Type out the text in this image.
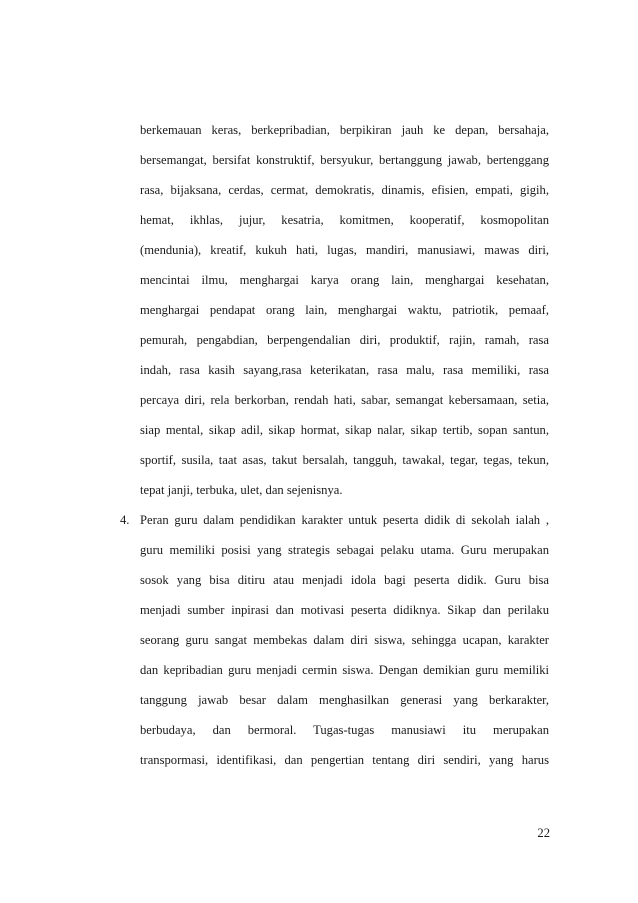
berkemauan keras, berkepribadian, berpikiran jauh ke depan, bersahaja,
bersemangat, bersifat konstruktif, bersyukur, bertanggung jawab, bertenggang
rasa, bijaksana, cerdas, cermat, demokratis, dinamis, efisien, empati, gigih,
hemat, ikhlas, jujur, kesatria, komitmen, kooperatif, kosmopolitan
(mendunia), kreatif, kukuh hati, lugas, mandiri, manusiawi, mawas diri,
mencintai ilmu, menghargai karya orang lain, menghargai kesehatan,
menghargai pendapat orang lain, menghargai waktu, patriotik, pemaaf,
pemurah, pengabdian, berpengendalian diri, produktif, rajin, ramah, rasa
indah, rasa kasih sayang,rasa keterikatan, rasa malu, rasa memiliki, rasa
percaya diri, rela berkorban, rendah hati, sabar, semangat kebersamaan, setia,
siap mental, sikap adil, sikap hormat, sikap nalar, sikap tertib, sopan santun,
sportif, susila, taat asas, takut bersalah, tangguh, tawakal, tegar, tegas, tekun,
tepat janji, terbuka, ulet, dan sejenisnya.
4. Peran guru dalam pendidikan karakter untuk peserta didik di sekolah ialah ,
guru memiliki posisi yang strategis sebagai pelaku utama. Guru merupakan
sosok yang bisa ditiru atau menjadi idola bagi peserta didik. Guru bisa
menjadi sumber inpirasi dan motivasi peserta didiknya. Sikap dan perilaku
seorang guru sangat membekas dalam diri siswa, sehingga ucapan, karakter
dan kepribadian guru menjadi cermin siswa. Dengan demikian guru memiliki
tanggung jawab besar dalam menghasilkan generasi yang berkarakter,
berbudaya, dan bermoral. Tugas-tugas manusiawi itu merupakan
transpormasi, identifikasi, dan pengertian tentang diri sendiri, yang harus
22
